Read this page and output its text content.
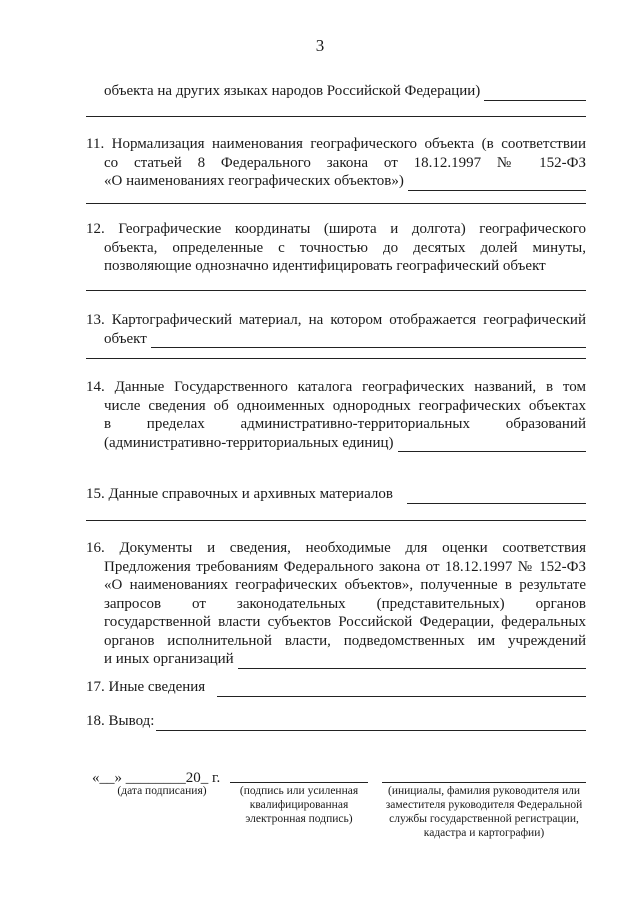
3
объекта на других языках народов Российской Федерации)

11. Нормализация наименования географического объекта (в соответствии

со статьей 8 Федерального закона от 18.12.1997 № 152-ФЗ

«О наименованиях географических объектов»)

12. Географические координаты (широта и долгота) географического

объекта, определенные с точностью до десятых долей минуты,

позволяющие однозначно идентифицировать географический объект

13. Картографический материал, на котором отображается географический

объект

14. Данные Государственного каталога географических названий, в том

числе сведения об одноименных однородных географических объектах

в пределах административно-территориальных образований

(административно-территориальных единиц)
15. Данные справочных и архивных материалов

16. Документы и сведения, необходимые для оценки соответствия

Предложения требованиям Федерального закона от 18.12.1997 № 152-ФЗ

«О наименованиях географических объектов», полученные в результате

запросов от законодательных (представительных) органов

государственной власти субъектов Российской Федерации, федеральных

органов исполнительной власти, подведомственных им учреждений

и иных организаций
17. Иные сведения
18. Вывод:
«__» ________20_ г.
(дата подписания)	(подпись или усиленная квалифицированная электронная подпись)
(инициалы, фамилия руководителя или заместителя руководителя Федеральной службы государственной регистрации, кадастра и картографии)
